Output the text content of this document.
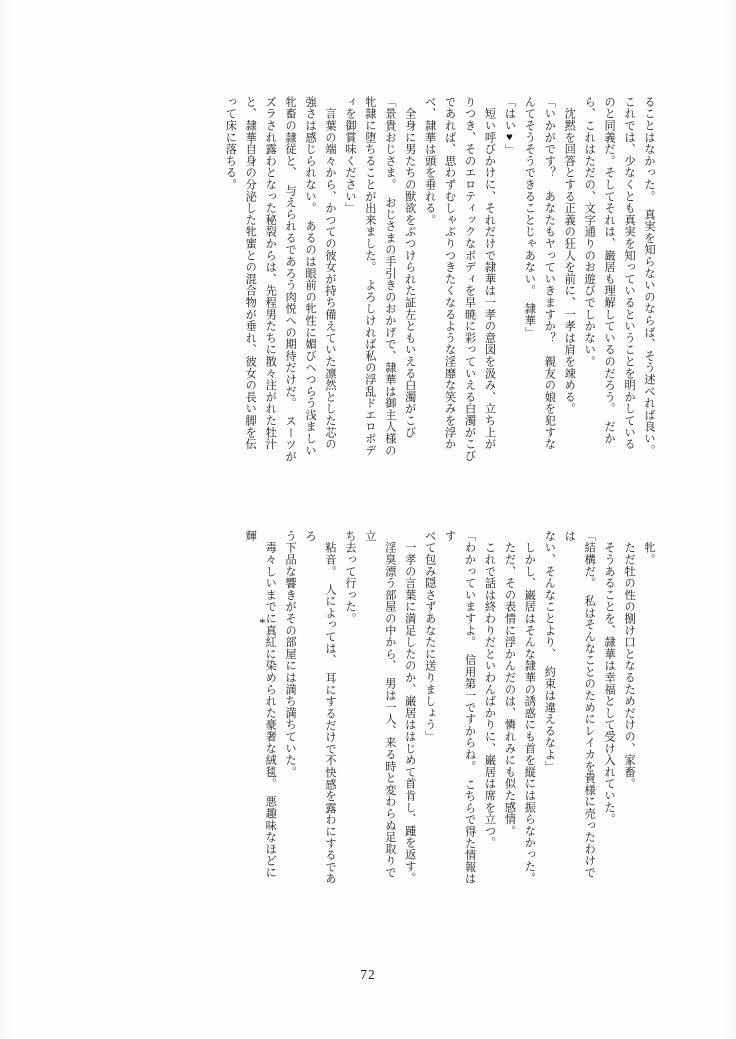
ることはなかった。　真実を知らないのならば、そう述べれば良い。

これでは、少なくとも真実を知っているということを明かしている

のと同義だ。そしてそれは、巌居も理解しているのだろう。　だか

ら、これはただの、文字通りのお遊びでしかない。

　沈黙を回答とする正義の狂人を前に、一孝は肩を竦める。

「いかがです？　あなたもヤっていきますか？　親友の娘を犯すな

んてそうそうできることじゃあない。　隷華」

「はい♥」

　短い呼びかけに、それだけで隷華は一孝の意図を汲み、立ち上が

りつき、そのエロティックなボディを早暁に彩っていえる白濁がこび

であれば、思わずむしゃぶりつきたくなるような淫靡な笑みを浮か

べ、隷華は頭を垂れる。

　全身に男たちの獣欲をぶつけられた証左ともいえる白濁がこび

「景貴おじさま。　おじさまの手引きのおかげで、隷華は御主人様の

牝隷に堕ちることが出来ました。　よろしければ私の浮乱ドエロボデ

ィを御賞味ください」

　言葉の端々から、かつての彼女が持ち備えていた凛然とした芯の

強さは感じられない。　あるのは眼前の牝性に媚びへつらう浅ましい

牝畜の隷従と、　与えられるであろう肉悦への期待だけだ。　スーツが

ズラされ露わとなった秘裂からは、先程男たちに散々注がれた牡汁

と、隷華自身の分泌した牝蜜との混合物が垂れ、彼女の長い脚を伝

って床に落ちる。

　牝。

　ただ牡の性の捌け口となるためだけの、家畜。

　そうあることを、隷華は幸福として受け入れていた。

「結構だ。　私はそんなことのためにレイカを貴様に売ったわけでは

ない、そんなことより、　約束は違えるなよ」

　しかし、巌居はそんな隷華の誘惑にも首を縦には振らなかった。

　ただ、その表情に浮かんだのは、憐れみにも似た感情。

　これで話は終わりだといわんばかりに、巌居は席を立つ。

「わかっていますよ。　信用第一ですからね。　こちらで得た情報はす

べて包み隠さずあなたに送りましょう」

　一孝の言葉に満足したのか、巌居ははじめて首肯し、踵を返す。

　淫臭漂う部屋の中から、　男は一人、来る時と変わらぬ足取りで立

ち去って行った。

　粘音。　人によっては、　耳にするだけで不快感を露わにするであろ

う下品な響きがその部屋には満ち満ちていた。

　毒々しいまでに真紅に染められた豪奢な絨毯。　悪趣味なほどに輝

*
72
